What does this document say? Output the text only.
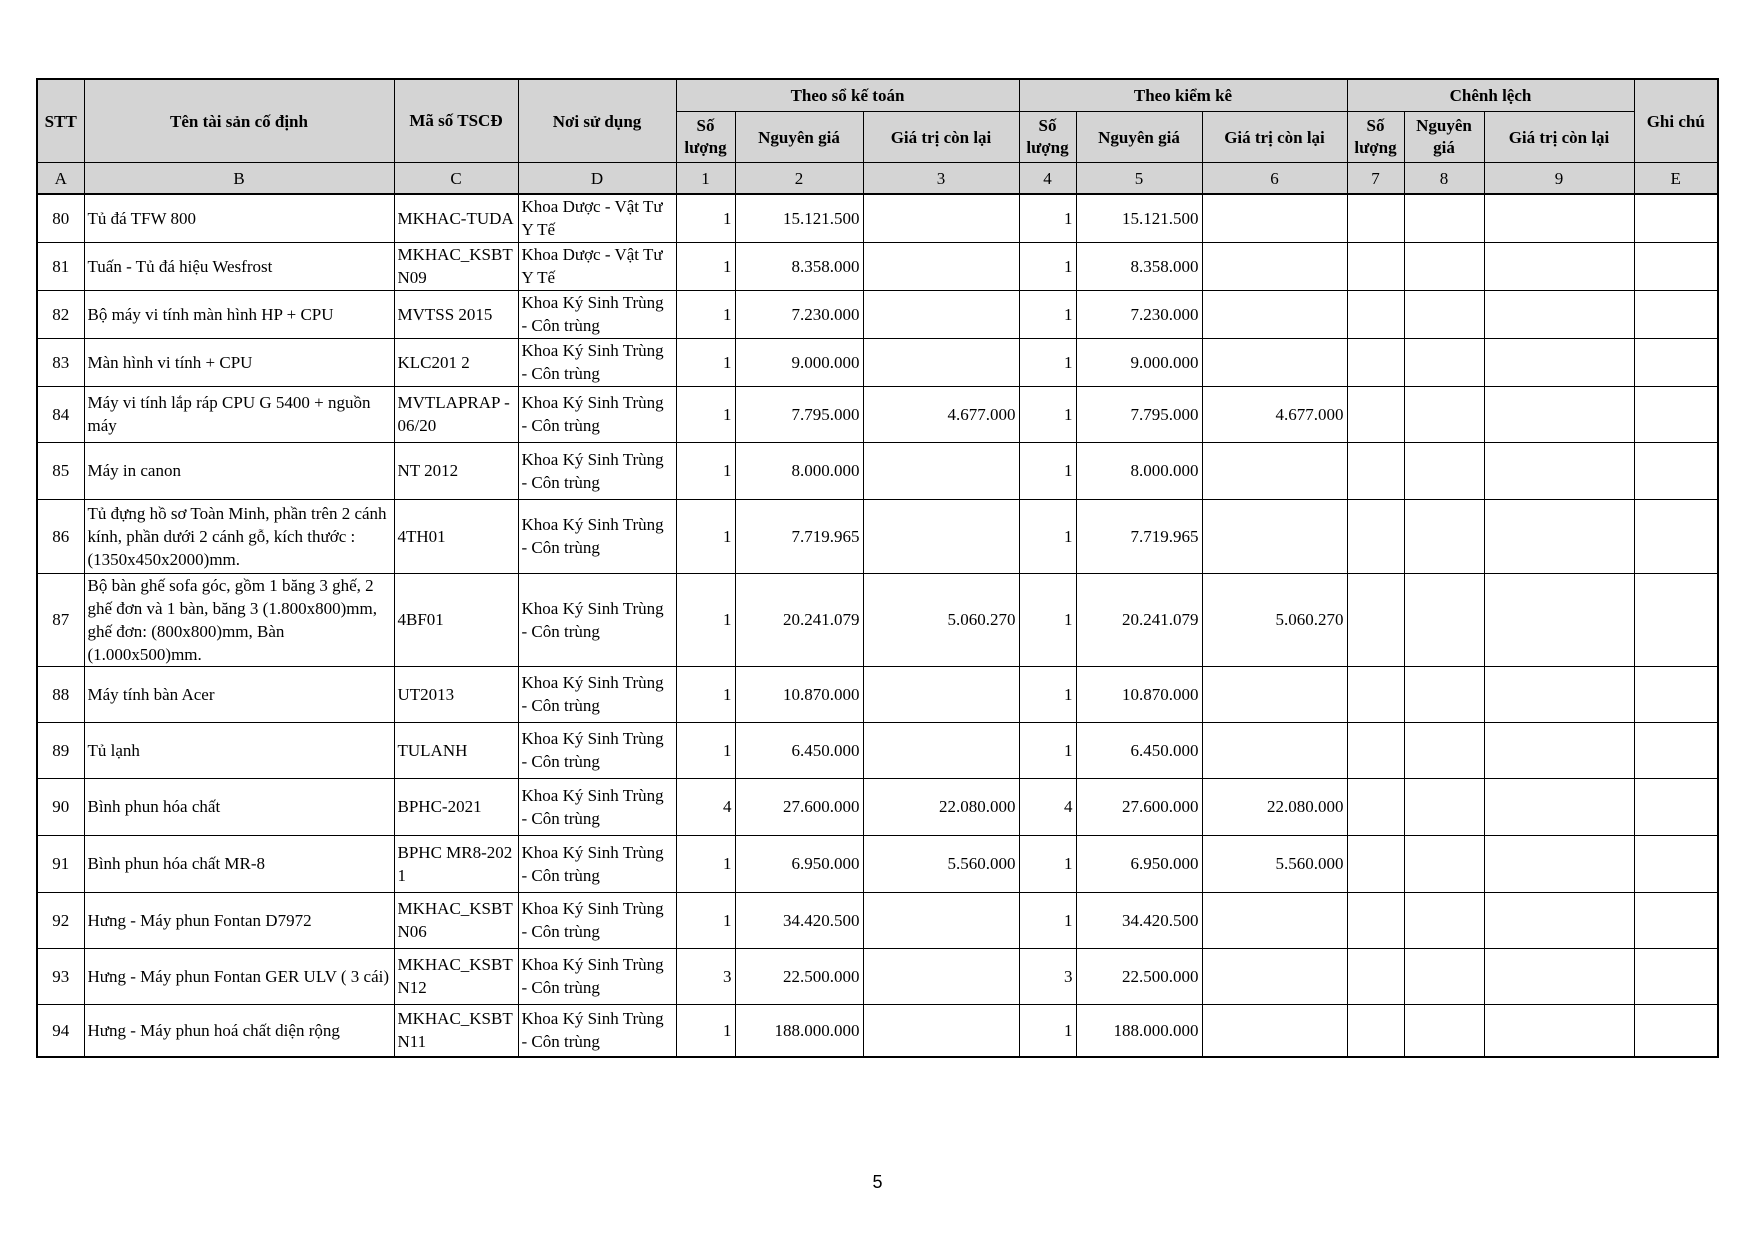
STT	Tên tài sản cố định	Mã số TSCĐ	Nơi sử dụng	Theo sổ kế toán			Theo kiểm kê			Chênh lệch			Ghi chú
				Số lượng	Nguyên giá	Giá trị còn lại	Số lượng	Nguyên giá	Giá trị còn lại	Số lượng	Nguyên giá	Giá trị còn lại	
A	B	C	D	1	2	3	4	5	6	7	8	9	E
80	Tủ đá TFW 800	MKHAC-TUDA	Khoa Dược - Vật Tư Y Tế	1	15.121.500		1	15.121.500					
81	Tuấn - Tủ đá hiệu Wesfrost	MKHAC_KSBTN09	Khoa Dược - Vật Tư Y Tế	1	8.358.000		1	8.358.000					
82	Bộ máy vi tính màn hình HP + CPU	MVTSS 2015	Khoa Ký Sinh Trùng - Côn trùng	1	7.230.000		1	7.230.000					
83	Màn hình vi tính + CPU	KLC201 2	Khoa Ký Sinh Trùng - Côn trùng	1	9.000.000		1	9.000.000					
84	Máy vi tính lắp ráp CPU G 5400 + nguồn máy	MVTLAPRAP - 06/20	Khoa Ký Sinh Trùng - Côn trùng	1	7.795.000	4.677.000	1	7.795.000	4.677.000				
85	Máy in canon	NT 2012	Khoa Ký Sinh Trùng - Côn trùng	1	8.000.000		1	8.000.000					
86	Tủ đựng hồ sơ Toàn Minh, phần trên 2 cánh kính, phần dưới 2 cánh gỗ, kích thước : (1350x450x2000)mm.	4TH01	Khoa Ký Sinh Trùng - Côn trùng	1	7.719.965		1	7.719.965					
87	Bộ bàn ghế sofa góc, gồm 1 băng 3 ghế, 2 ghế đơn và 1 bàn, băng 3 (1.800x800)mm, ghế đơn: (800x800)mm, Bàn (1.000x500)mm.	4BF01	Khoa Ký Sinh Trùng - Côn trùng	1	20.241.079	5.060.270	1	20.241.079	5.060.270				
88	Máy tính bàn Acer	UT2013	Khoa Ký Sinh Trùng - Côn trùng	1	10.870.000		1	10.870.000					
89	Tủ lạnh	TULANH	Khoa Ký Sinh Trùng - Côn trùng	1	6.450.000		1	6.450.000					
90	Bình phun hóa chất	BPHC-2021	Khoa Ký Sinh Trùng - Côn trùng	4	27.600.000	22.080.000	4	27.600.000	22.080.000				
91	Bình phun hóa chất MR-8	BPHC MR8-2021	Khoa Ký Sinh Trùng - Côn trùng	1	6.950.000	5.560.000	1	6.950.000	5.560.000				
92	Hưng - Máy phun Fontan D7972	MKHAC_KSBTN06	Khoa Ký Sinh Trùng - Côn trùng	1	34.420.500		1	34.420.500					
93	Hưng - Máy phun Fontan GER ULV ( 3 cái)	MKHAC_KSBTN12	Khoa Ký Sinh Trùng - Côn trùng	3	22.500.000		3	22.500.000					
94	Hưng - Máy phun hoá chất diện rộng	MKHAC_KSBTN11	Khoa Ký Sinh Trùng - Côn trùng	1	188.000.000		1	188.000.000					
5
